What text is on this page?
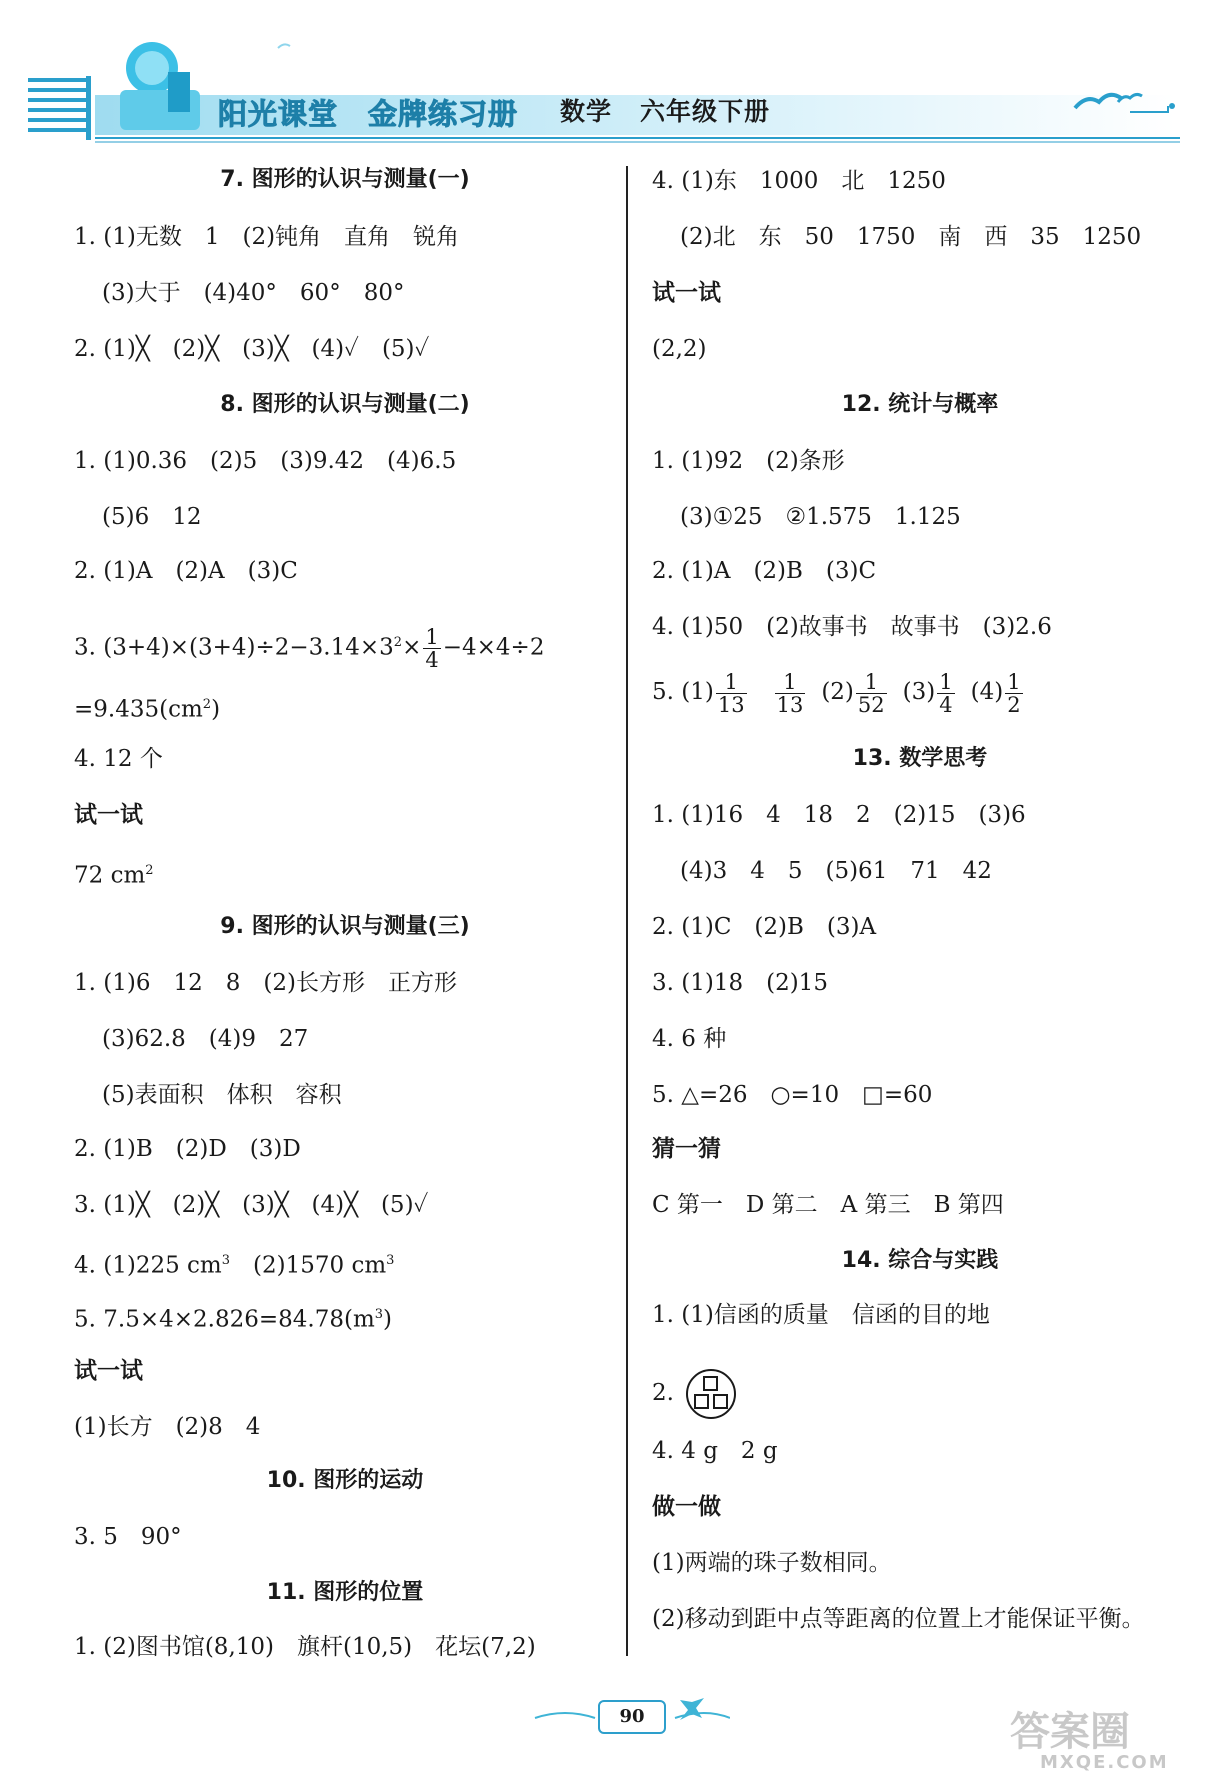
阳光课堂 金牌练习册 数学 六年级下册
7. 图形的认识与测量(一)
1. (1)无数　1　(2)钝角　直角　锐角
(3)大于　(4)40°　60°　80°
2. (1)╳　(2)╳　(3)╳　(4)✓　(5)✓
8. 图形的认识与测量(二)
1. (1)0.36　(2)5　(3)9.42　(4)6.5
(5)6　12
2. (1)A　(2)A　(3)C
3. $(3+4)\times(3+4)\div 2-3.14\times 3^2\times \frac{1}{4} -4\times 4\div 2$
$=9.435(cm^2)$
4. 12 个
试一试
72 $cm^2$
9. 图形的认识与测量(三)
1. (1)6　12　8　(2)长方形　正方形
(3)62.8　(4)9　27
(5)表面积　体积　容积
2. (1)B　(2)D　(3)D
3. (1)╳　(2)╳　(3)╳　(4)╳　(5)✓
4. (1)225 $cm^3$　(2)1570 $cm^3$
5. $7.5\times 4\times 2.826=84.78(m^3)$
试一试
(1)长方　(2)8　4
10. 图形的运动
3. 5　90°
11. 图形的位置
1. (2)图书馆(8,10)　旗杆(10,5)　花坛(7,2)
4. (1)东　1000　北　1250
(2)北　东　50　1750　南　西　35　1250
试一试
(2,2)
12. 统计与概率
1. (1)92　(2)条形
(3)①25　②1.575　1.125
2. (1)A　(2)B　(3)C
4. (1)50　(2)故事书　故事书　(3)2.6
5. $(1) \frac{1}{13} \frac{1}{13} (2) \frac{1}{52} (3) \frac{1}{4} (4) \frac{1}{2}$
13. 数学思考
1. (1)16　4　18　2　(2)15　(3)6
(4)3　4　5　(5)61　71　42
2. (1)C　(2)B　(3)A
3. (1)18　(2)15
4. 6 种
5. △=26　○=10　□=60
猜一猜
C 第一　D 第二　A 第三　B 第四
14. 综合与实践
1. (1)信函的质量　信函的目的地
2.
4. 4 g　2 g
做一做
(1)两端的珠子数相同。
(2)移动到距中点等距离的位置上才能保证平衡。
90	答案圈
MXQE.COM
